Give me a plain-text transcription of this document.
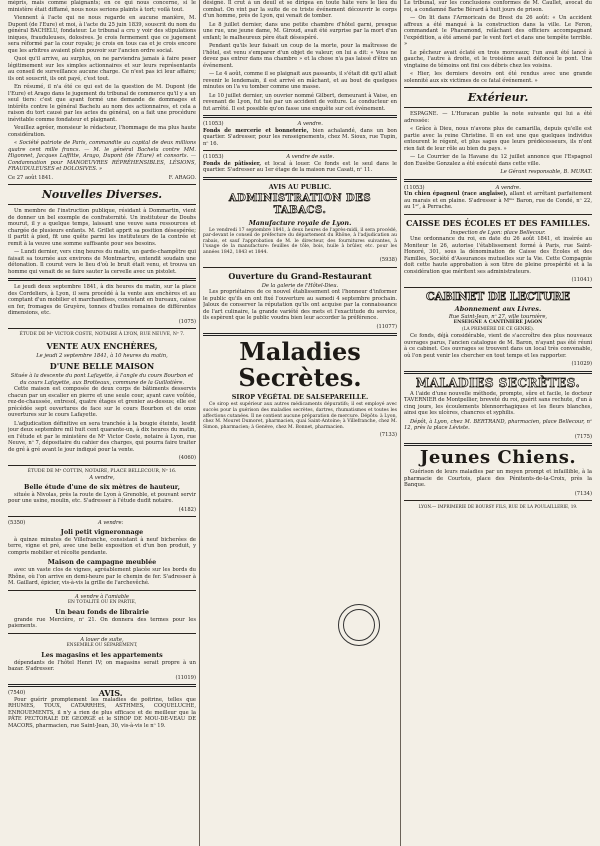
mépris, mais comme plaignants; en ce qui nous concerne, si le ministère était diffamé, nous nous serions plaints à tort; voilà tout.

Viennent à l'acte qui ne nous regarde en aucune manière, M. Dupont (de l'Eure) et moi, à l'acte du 25 juin 1839, souscrit du nom du général BACHELU, fondateur. Le tribunal a cru y voir des stipulations iniques, frauduleuses, dolosives. Je crois fermement que ce jugement sera réformé par la cour royale; je crois en tous cas et je crois encore que les arbitres avaient plein pouvoir sur l'ancien ordre social.

Quoi qu'il arrive, au surplus, on ne parviendra jamais à faire peser légitimement sur les simples actionnaires et sur leurs représentants au conseil de surveillance aucune charge. Ce n'est pas ici leur affaire; ils ont souscrit, ils ont payé, c'est tout.

En résumé, il n'a été ce qui est de la question de M. Dupont (de l'Eure) et Arago dans le jugement du tribunal de commerce qu'il y a un seul tiers: c'est que ayant formé une demande de dommages et intérêts contre le général Bachelu au nom des actionnaires, et cela a raison du tort causé par les actes du général, on a fait une procédure inévitable comme fondateur et plaignant.

Veuillez agréer, monsieur le rédacteur, l'hommage de ma plus haute considération.

« Société patriote de Paris, commandite au capital de deux millions quatre cent mille francs. — M. le général Bachelu contre MM. Higonnet, Jacques Laffitte, Arago, Dupont (de l'Eure) et consorts. — Condamnation pour MANOEUVRES RÉPRÉHENSIBLES, LÉSIONS, FRAUDULEUSES et DOLOSIVES. »

Ce 27 août 1841.	F. ARAGO.
Nouvelles Diverses.

Un membre de l'instruction publique, résidant à Dommartin, vient de donner un bel exemple de confraternité. Un instituteur de Doubs mourut, il y a quelque temps, laissant une veuve sans ressources et chargée de plusieurs enfants. M. Grillet apprit sa position désespérée; il partit à pied, fit une quête parmi les instituteurs de la contrée et remit à la veuve une somme suffisante pour ses besoins.

— Lundi dernier, vers cinq heures du matin, un garde-champêtre qui faisait sa tournée aux environs de Montmartre, entendit soudain une détonation. Il courut vers le lieu d'où le bruit était venu, et trouva un homme qui venait de se faire sauter la cervelle avec un pistolet.

Le jeudi deux septembre 1841, à dix heures du matin, sur la place des Cordeliers, à Lyon, il sera procédé à la vente aux enchères et au comptant d'un mobilier et marchandises, consistant en bureaux, caisse en fer, fromages de Gruyère, tonnes d'huiles romaines de différentes dimensions, etc.

(1075)
ÉTUDE DE Mᵉ VICTOR COSTE, NOTAIRE À LYON, RUE NEUVE, Nᵒ 7.
VENTE AUX ENCHÈRES,
Le jeudi 2 septembre 1841, à 10 heures du matin,
D'UNE BELLE MAISON
Située à la descente du pont Lafayette, à l'angle du cours Bourbon et du cours Lafayette, aux Brotteaux, commune de la Guillotière.

Cette maison est composée de deux corps de bâtiments desservis chacun par un escalier en pierre et une seule cour, ayant cave voûtée, rez-de-chaussée, entresol, quatre étages et grenier au-dessus; elle est précédée sept ouvertures de face sur le cours Bourbon et de onze ouvertures sur le cours Lafayette.

L'adjudication définitive en sera tranchée à la bougie éteinte, lesdit jour deux septembre mil huit cent quarante-un, à dix heures du matin, en l'étude et par le ministère de Mᵉ Victor Coste, notaire à Lyon, rue Neuve, nᵒ 7, dépositaire du cahier des charges, qui pourra faire traiter de gré à gré avant le jour indiqué pour la vente.

(4060)
ÉTUDE DE Mᵉ COTTIN, NOTAIRE, PLACE BELLECOUR, Nᵒ 16.
A vendre,
Belle étude d'une de six mètres de hauteur,

située à Nivolas, près la route de Lyon à Grenoble, et pouvant servir pour une usine, moulin, etc. S'adresser à l'étude dudit notaire.

(4182)
(5350)	A vendre:
Joli petit vigneronnage

à quinze minutes de Villefranche, consistant à neuf bicherées de terre, vigne et pré, avec une belle exposition et d'un bon produit, y compris mobilier et récolte pendante.

Maison de campagne meublée

avec un vaste clos de vignes, agréablement placée sur les bords du Rhône, où l'on arrive en demi-heure par le chemin de fer. S'adresser à M. Gaillard, épicier, vis-à-vis la grille de l'archevêché.

A vendre à l'amiable
EN TOTALITÉ OU EN PARTIE,
Un beau fonds de librairie

grande rue Mercière, nᵒ 21. On donnera des termes pour les paiements.

A louer de suite,
ENSEMBLE OU SÉPARÉMENT,
Les magasins et les appartements

dépendants de l'hôtel Henri IV; on magasins serait propre à un bazar. S'adresser.

(11019)
(7540)	AVIS.

Pour guérir promptement les maladies de poitrine, telles que RHUMES, TOUX, CATARRHES, ASTHMES, COQUELUCHE, ENROUEMENTS, il n'y a rien de plus efficace et de meilleur que la PÂTE PECTORALE DE GEORGÉ et le SIROP DE MOU-DE-VEAU DE MACORS, pharmacien, rue Saint-Jean, 30, vis-à-vis le nᵒ 19.

désigné. Il crut à un deuil et se dirigea en toute hâte vers le lieu du combat. On vint par la suite de ce triste événement découvrir le corps d'un homme, près de Lyon, qui venait de tomber.

Le 8 juillet dernier, dans une petite chambre d'hôtel garni, presque une rue, une jeune dame, M. Giroud, avait été surprise par la mort d'un enfant; le malheureux père était désespéré.

Pendant qu'ils leur faisait un coup de la morte, pour la maîtresse de l'hôtel, est venu s'emparer d'un objet de valeur; on lui a dit: « Vous ne devez pas entrer dans ma chambre » et la chose n'a pas laissé d'être un événement.

— Le 4 août, comme il se plaignait aux passants, il s'était dit qu'il allait revenir le lendemain, il est arrivé en mâchant, et au bout de quelques minutes on l'a vu tomber comme une masse.

Le 10 juillet dernier, un ouvrier nommé Gilbert, demeurant à Vaise, en revenant de Lyon, fut tué par un accident de voiture. Le conducteur en fut arrêté. Il est possible qu'on fasse une enquête sur cet événement.

(11053)	A vendre.

Fonds de mercerie et bonneterie, bien achalandé, dans un bon quartier. S'adresser, pour les renseignements, chez M. Sioux, rue Tupin, nᵒ 16.

(11053)	A vendre de suite.

Fonds de pâtissier, et local à louer. Ce fonds est le seul dans le quartier. S'adresser au 1er étage de la maison rue Casati, nᵒ 11.

AVIS AU PUBLIC.
ADMINISTRATION DES TABACS.
Manufacture royale de Lyon.

Le vendredi 17 septembre 1841, à deux heures de l'après-midi, il sera procédé, par-devant le conseil de préfecture du département du Rhône, à l'adjudication au rabais, et sauf l'approbation de M. le directeur, des fournitures suivantes, à l'usage de la manufacture: feuilles de tôle, bois, huile à brûler, etc. pour les années 1842, 1843 et 1844.

(5938)
Ouverture du Grand-Restaurant
De la galerie de l'Hôtel-Dieu.

Les propriétaires de ce nouvel établissement ont l'honneur d'informer le public qu'ils en ont fixé l'ouverture au samedi 4 septembre prochain. Jaloux de conserver la réputation qu'ils ont acquise par la connaissance de l'art culinaire, la grande variété des mets et l'exactitude du service, ils espèrent que le public voudra bien leur accorder la préférence.

(11077)
Maladies Secrètes.
SIROP VÉGÉTAL DE SALSEPAREILLE.

Ce sirop est supérieur aux autres médicaments dépuratifs; il est employé avec succès pour la guérison des maladies secrètes, dartres, rhumatismes et toutes les affections cutanées. Il ne contient aucune préparation de mercure. Dépôts: à Lyon, chez M. Mouret Dumoret, pharmacien, quai Saint-Antoine; à Villefranche, chez M. Simon, pharmacien; à Genève, chez M. Bonnet, pharmacien.

(7133)

Le tribunal, sur les conclusions conformes de M. Caullet, avocat du roi, a condamné Barbe Bérard à huit jours de prison.

— On lit dans l'Armoricain de Brest du 26 août: « Un accident affreux a été manqué à la construction dans la ville. Le Feron, commandant le Pharamond, relâchant des officiers accompagnant l'expédition, a été amené par le vent fort et dans une tempête terrible. »

Le pêcheur avait éclaté en trois morceaux; l'un avait été lancé à gauche, l'autre à droite, et le troisième avait défoncé le pont. Une vingtaine de témoins ont fini ces débris chez les voisins.

« Hier, les derniers devoirs ont été rendus avec une grande solennité aux six victimes de ce fatal événement. »

Extérieur.

ESPAGNE. — L'Huracan publie la note suivante qui lui a été adressée:

« Grâce à Dieu, nous n'avons plus de camarilla, depuis qu'elle est partie avec la reine Christine. Il en est une que quelques individus entourent le régent, et plus sages que leurs prédécesseurs, ils n'ont rien fait de leur rôle au bien du pays. »

— Le Courrier de la Havane du 12 juillet annonce que l'Espagnol don Eusèbe Gonzalez a été exécuté dans cette ville.

Le Gérant responsable, B. MURAT.
(11053)	A vendre.

Un chien épagneul (race anglaise), allant et arrêtant parfaitement au marais et en plaine. S'adresser à Mᵐᵉ Baron, rue de Condé, nᵒ 22, au 1ᵉʳ, à Perrache.

CAISSE DES ÉCOLES ET DES FAMILLES.
Inspection de Lyon: place Bellecour.

Une ordonnance du roi, en date du 26 août 1841, et insérée au Moniteur le 26, autorise l'établissement formé à Paris, rue Saint-Honoré, 301, sous la dénomination de Caisse des Écoles et des Familles, Société d'Assurances mutuelles sur la Vie. Cette Compagnie doit cette haute approbation à son titre de pleine prospérité et à la considération que méritent ses administrateurs.

(11041)
CABINET DE LECTURE
Abonnement aux Livres.
Rue Saint-Jean, nᵒ 27, ville tournière,
ENSEIGNE A CANTINIÈRE JAGON
(LA PREMIÈRE DE CE GENRE).

Ce fonds, déjà considérable, vient de s'accroître des plus nouveaux ouvrages parus, l'ancien catalogue de M. Baron, n'ayant pas été réuni à ce cabinet. Ces ouvrages se trouvent dans un local très convenable, où l'on peut venir les chercher en tout temps et les rapporter.

(11029)
MALADIES SECRÈTES.

A l'aide d'une nouvelle méthode, prompte, sûre et facile, le docteur TAVERNIER de Montpellier, breveté du roi, guérit sans rechute, d'un à cinq jours, les écoulements blennorrhagiques et les fleurs blanches, ainsi que les ulcères, chancres et syphilis.

Dépôt, à Lyon, chez M. BERTRAND, pharmacien, place Bellecour, nᵒ 12, près la place Léviste.

(7175)
Jeunes Chiens.

Guérison de leurs maladies par un moyen prompt et infaillible, à la pharmacie de Courtois, place des Pénitents-de-la-Croix, près la Banque.

(7134)
LYON.— IMPRIMERIE DE BOURSY FILS, RUE DE LA POULAILLERIE, 19.
